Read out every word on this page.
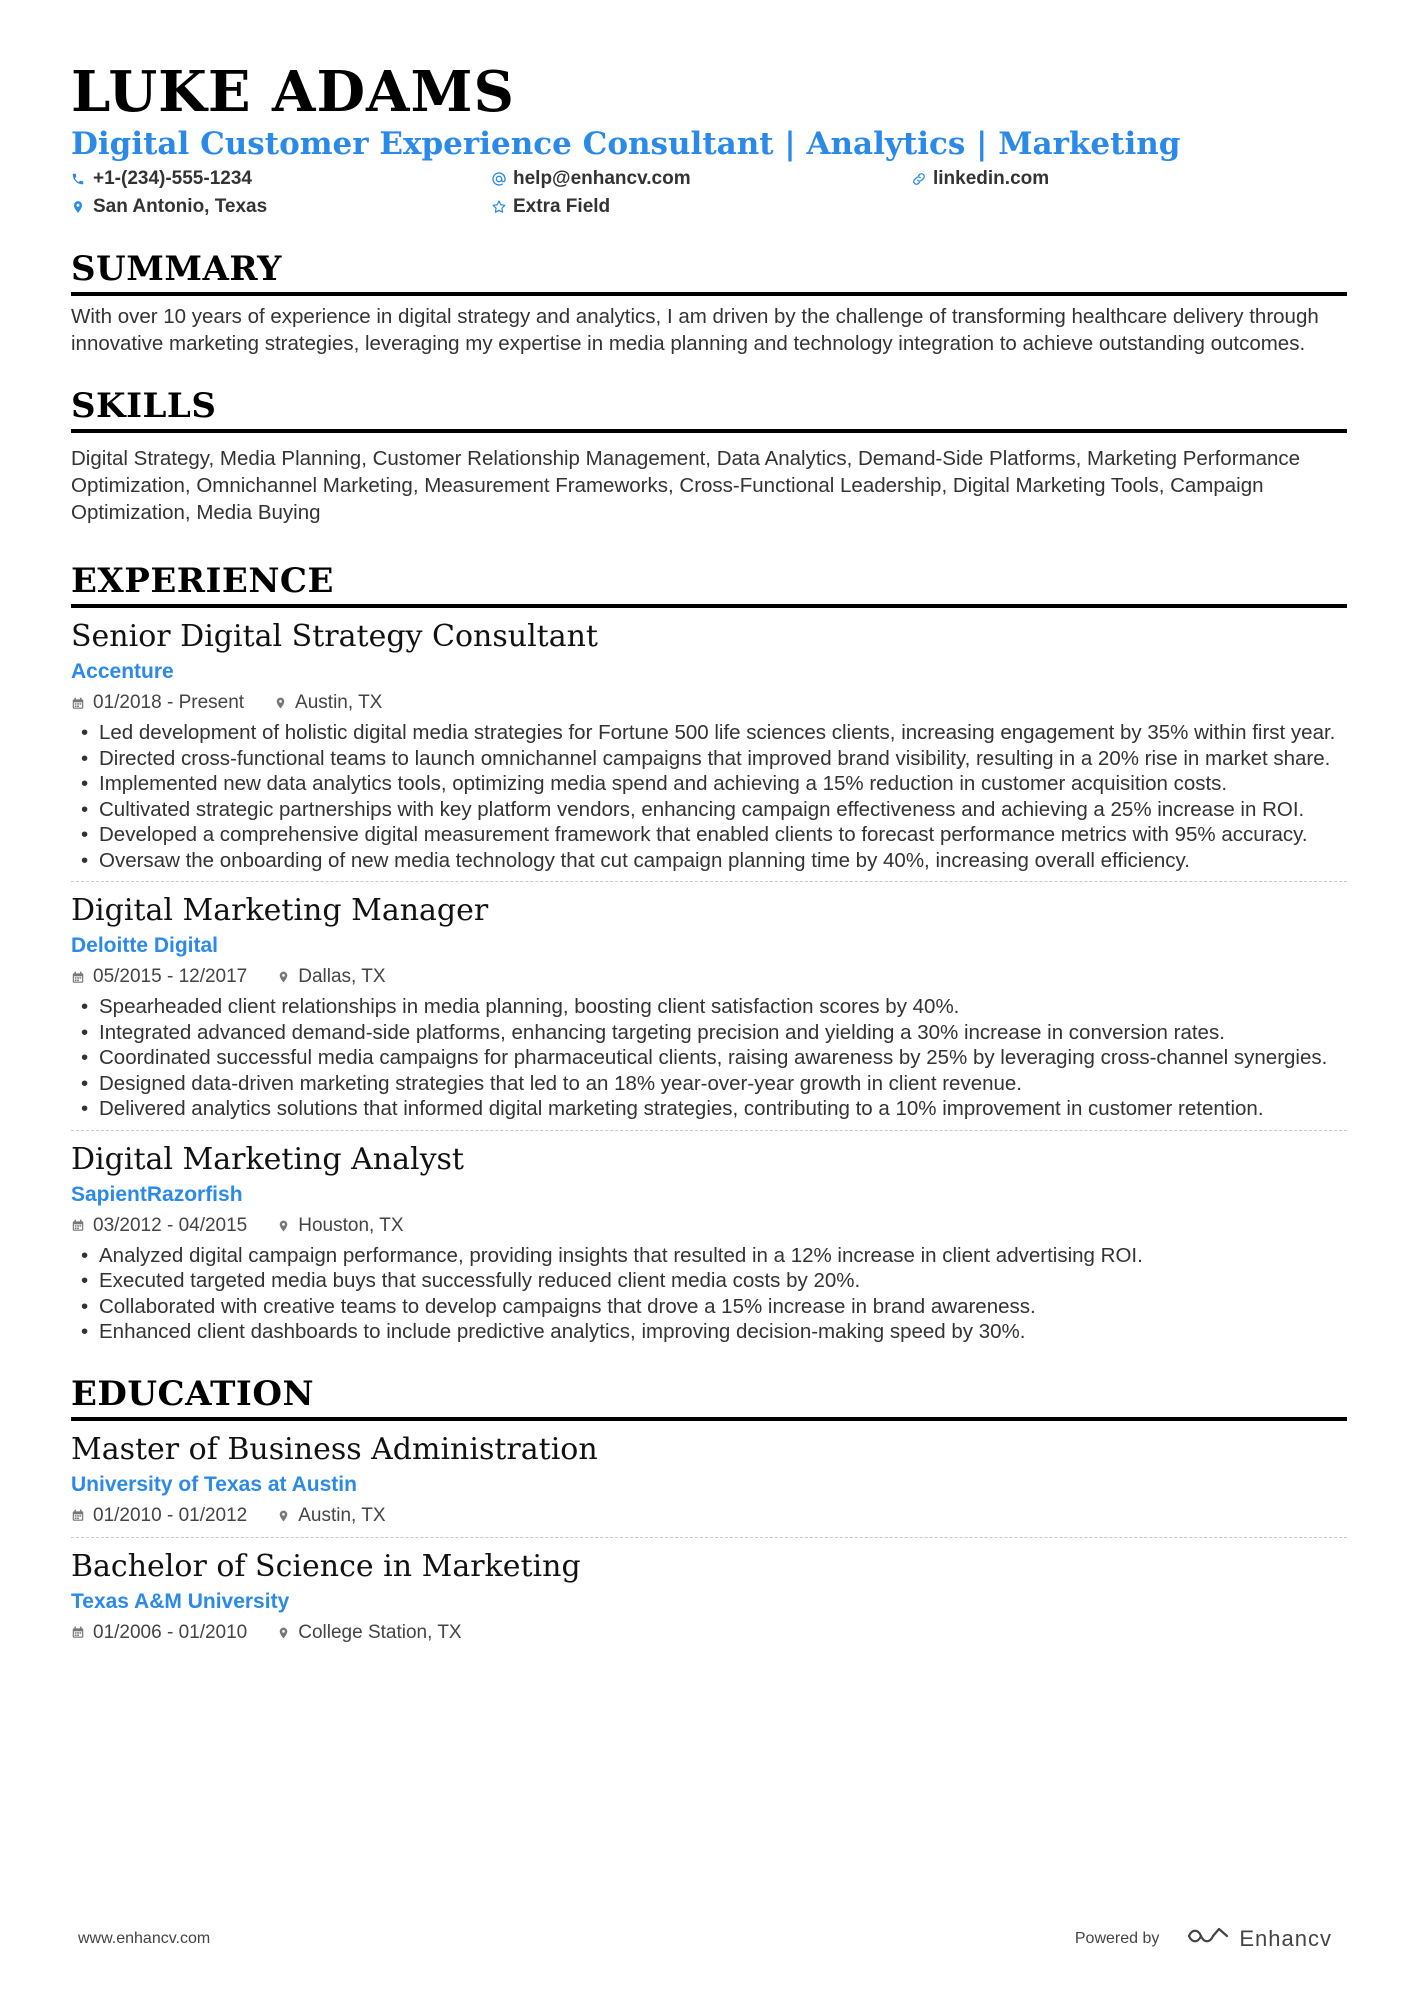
LUKE ADAMS
Digital Customer Experience Consultant | Analytics | Marketing
+1-(234)-555-1234	help@enhancv.com	linkedin.com
San Antonio, Texas	Extra Field
SUMMARY
With over 10 years of experience in digital strategy and analytics, I am driven by the challenge of transforming healthcare delivery through innovative marketing strategies, leveraging my expertise in media planning and technology integration to achieve outstanding outcomes.
SKILLS
Digital Strategy, Media Planning, Customer Relationship Management, Data Analytics, Demand-Side Platforms, Marketing Performance Optimization, Omnichannel Marketing, Measurement Frameworks, Cross-Functional Leadership, Digital Marketing Tools, Campaign Optimization, Media Buying
EXPERIENCE
Senior Digital Strategy Consultant
Accenture
01/2018 - Present	Austin, TX
• Led development of holistic digital media strategies for Fortune 500 life sciences clients, increasing engagement by 35% within first year.
• Directed cross-functional teams to launch omnichannel campaigns that improved brand visibility, resulting in a 20% rise in market share.
• Implemented new data analytics tools, optimizing media spend and achieving a 15% reduction in customer acquisition costs.
• Cultivated strategic partnerships with key platform vendors, enhancing campaign effectiveness and achieving a 25% increase in ROI.
• Developed a comprehensive digital measurement framework that enabled clients to forecast performance metrics with 95% accuracy.
• Oversaw the onboarding of new media technology that cut campaign planning time by 40%, increasing overall efficiency.
Digital Marketing Manager
Deloitte Digital
05/2015 - 12/2017	Dallas, TX
• Spearheaded client relationships in media planning, boosting client satisfaction scores by 40%.
• Integrated advanced demand-side platforms, enhancing targeting precision and yielding a 30% increase in conversion rates.
• Coordinated successful media campaigns for pharmaceutical clients, raising awareness by 25% by leveraging cross-channel synergies.
• Designed data-driven marketing strategies that led to an 18% year-over-year growth in client revenue.
• Delivered analytics solutions that informed digital marketing strategies, contributing to a 10% improvement in customer retention.
Digital Marketing Analyst
SapientRazorfish
03/2012 - 04/2015	Houston, TX
• Analyzed digital campaign performance, providing insights that resulted in a 12% increase in client advertising ROI.
• Executed targeted media buys that successfully reduced client media costs by 20%.
• Collaborated with creative teams to develop campaigns that drove a 15% increase in brand awareness.
• Enhanced client dashboards to include predictive analytics, improving decision-making speed by 30%.
EDUCATION
Master of Business Administration
University of Texas at Austin
01/2010 - 01/2012	Austin, TX
Bachelor of Science in Marketing
Texas A&M University
01/2006 - 01/2010	College Station, TX
www.enhancv.com	Powered by	Enhancv
